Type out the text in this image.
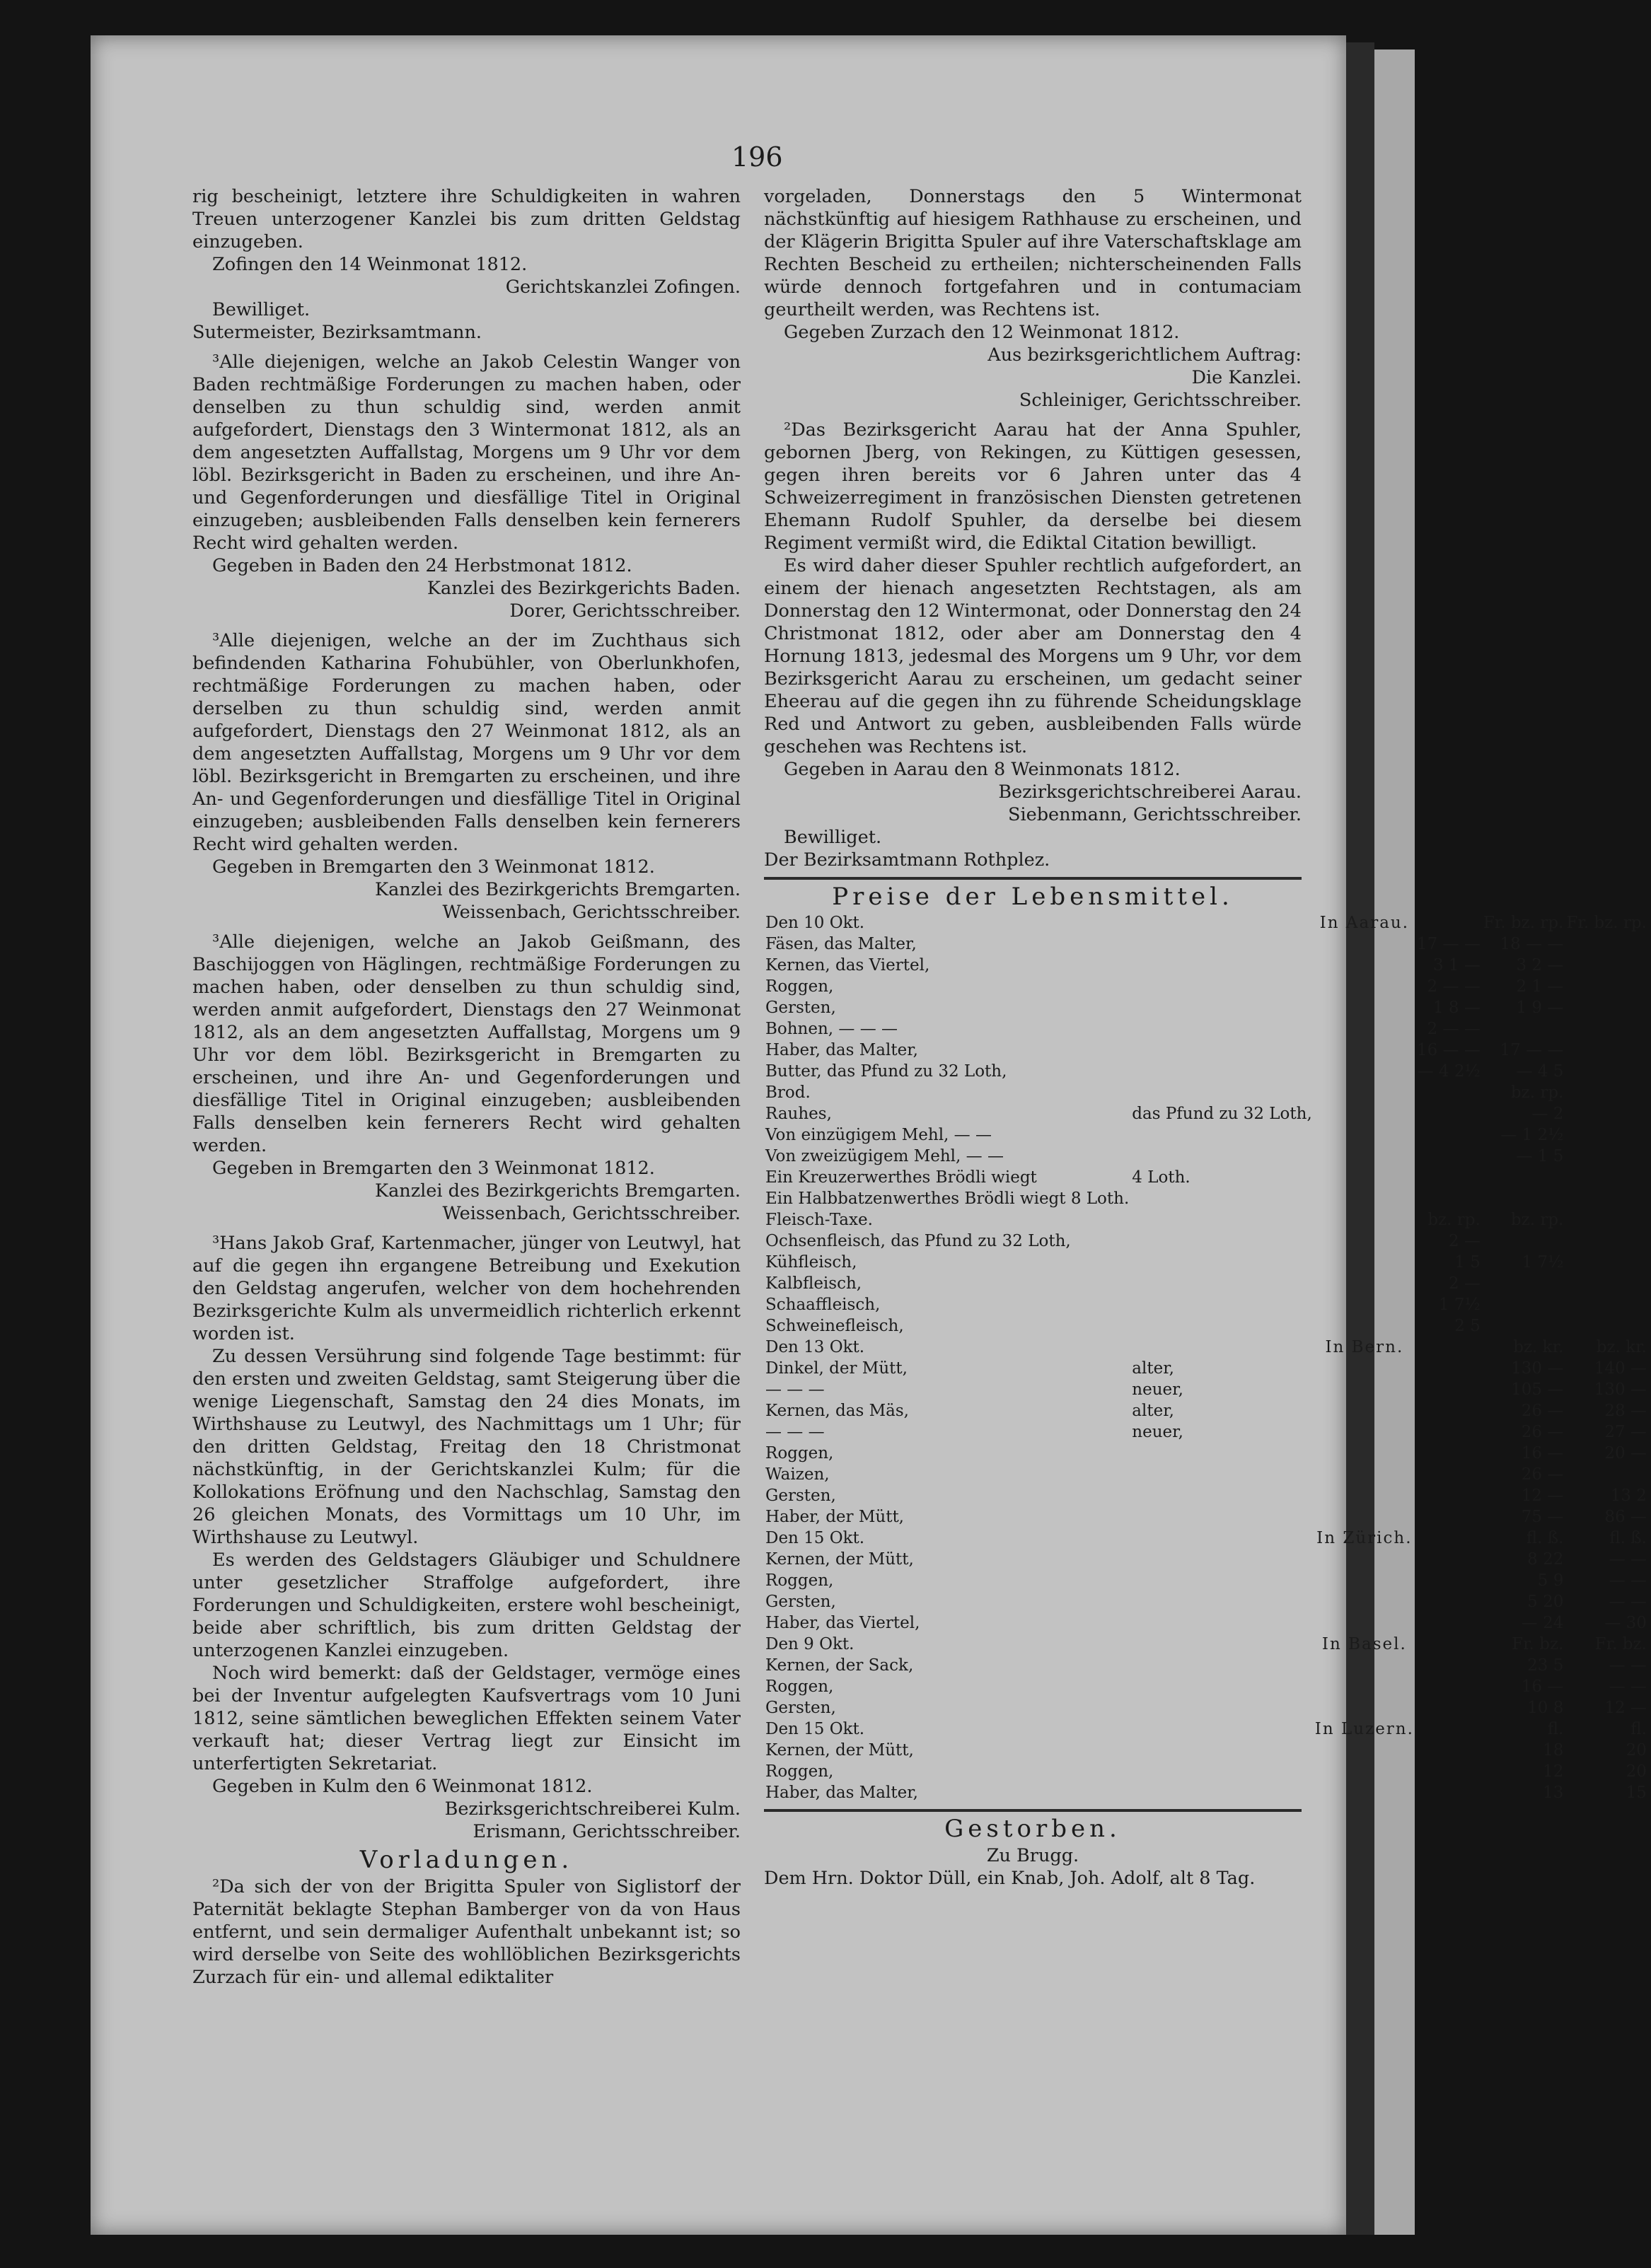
196

rig bescheinigt, letztere ihre Schuldigkeiten in wahren Treuen unterzogener Kanzlei bis zum dritten Geldstag einzugeben.

Zofingen den 14 Weinmonat 1812.

Gerichtskanzlei Zofingen.

Bewilliget.

Sutermeister, Bezirksamtmann.

³Alle diejenigen, welche an Jakob Celestin Wanger von Baden rechtmäßige Forderungen zu machen haben, oder denselben zu thun schuldig sind, werden anmit aufgefordert, Dienstags den 3 Wintermonat 1812, als an dem angesetzten Auffallstag, Morgens um 9 Uhr vor dem löbl. Bezirksgericht in Baden zu erscheinen, und ihre An- und Gegenforderungen und diesfällige Titel in Original einzugeben; ausbleibenden Falls denselben kein fernerers Recht wird gehalten werden.

Gegeben in Baden den 24 Herbstmonat 1812.

Kanzlei des Bezirkgerichts Baden.

Dorer, Gerichtsschreiber.

³Alle diejenigen, welche an der im Zuchthaus sich befindenden Katharina Fohubühler, von Oberlunkhofen, rechtmäßige Forderungen zu machen haben, oder derselben zu thun schuldig sind, werden anmit aufgefordert, Dienstags den 27 Weinmonat 1812, als an dem angesetzten Auffallstag, Morgens um 9 Uhr vor dem löbl. Bezirksgericht in Bremgarten zu erscheinen, und ihre An- und Gegenforderungen und diesfällige Titel in Original einzugeben; ausbleibenden Falls denselben kein fernerers Recht wird gehalten werden.

Gegeben in Bremgarten den 3 Weinmonat 1812.

Kanzlei des Bezirkgerichts Bremgarten.

Weissenbach, Gerichtsschreiber.

³Alle diejenigen, welche an Jakob Geißmann, des Baschijoggen von Häglingen, rechtmäßige Forderungen zu machen haben, oder denselben zu thun schuldig sind, werden anmit aufgefordert, Dienstags den 27 Weinmonat 1812, als an dem angesetzten Auffallstag, Morgens um 9 Uhr vor dem löbl. Bezirksgericht in Bremgarten zu erscheinen, und ihre An- und Gegenforderungen und diesfällige Titel in Original einzugeben; ausbleibenden Falls denselben kein fernerers Recht wird gehalten werden.

Gegeben in Bremgarten den 3 Weinmonat 1812.

Kanzlei des Bezirkgerichts Bremgarten.

Weissenbach, Gerichtsschreiber.

³Hans Jakob Graf, Kartenmacher, jünger von Leutwyl, hat auf die gegen ihn ergangene Betreibung und Exekution den Geldstag angerufen, welcher von dem hochehrenden Bezirksgerichte Kulm als unvermeidlich richterlich erkennt worden ist.

Zu dessen Versührung sind folgende Tage bestimmt: für den ersten und zweiten Geldstag, samt Steigerung über die wenige Liegenschaft, Samstag den 24 dies Monats, im Wirthshause zu Leutwyl, des Nachmittags um 1 Uhr; für den dritten Geldstag, Freitag den 18 Christmonat nächstkünftig, in der Gerichtskanzlei Kulm; für die Kollokations Eröfnung und den Nachschlag, Samstag den 26 gleichen Monats, des Vormittags um 10 Uhr, im Wirthshause zu Leutwyl.

Es werden des Geldstagers Gläubiger und Schuldnere unter gesetzlicher Straffolge aufgefordert, ihre Forderungen und Schuldigkeiten, erstere wohl bescheinigt, beide aber schriftlich, bis zum dritten Geldstag der unterzogenen Kanzlei einzugeben.

Noch wird bemerkt: daß der Geldstager, vermöge eines bei der Inventur aufgelegten Kaufsvertrags vom 10 Juni 1812, seine sämtlichen beweglichen Effekten seinem Vater verkauft hat; dieser Vertrag liegt zur Einsicht im unterfertigten Sekretariat.

Gegeben in Kulm den 6 Weinmonat 1812.

Bezirksgerichtschreiberei Kulm.

Erismann, Gerichtsschreiber.

Vorladungen.

²Da sich der von der Brigitta Spuler von Siglistorf der Paternität beklagte Stephan Bamberger von da von Haus entfernt, und sein dermaliger Aufenthalt unbekannt ist; so wird derselbe von Seite des wohllöblichen Bezirksgerichts Zurzach für ein- und allemal ediktaliter

vorgeladen, Donnerstags den 5 Wintermonat nächstkünftig auf hiesigem Rathhause zu erscheinen, und der Klägerin Brigitta Spuler auf ihre Vaterschaftsklage am Rechten Bescheid zu ertheilen; nichterscheinenden Falls würde dennoch fortgefahren und in contumaciam geurtheilt werden, was Rechtens ist.

Gegeben Zurzach den 12 Weinmonat 1812.

Aus bezirksgerichtlichem Auftrag:

Die Kanzlei.

Schleiniger, Gerichtsschreiber.

²Das Bezirksgericht Aarau hat der Anna Spuhler, gebornen Jberg, von Rekingen, zu Küttigen gesessen, gegen ihren bereits vor 6 Jahren unter das 4 Schweizerregiment in französischen Diensten getretenen Ehemann Rudolf Spuhler, da derselbe bei diesem Regiment vermißt wird, die Ediktal Citation bewilligt.

Es wird daher dieser Spuhler rechtlich aufgefordert, an einem der hienach angesetzten Rechtstagen, als am Donnerstag den 12 Wintermonat, oder Donnerstag den 24 Christmonat 1812, oder aber am Donnerstag den 4 Hornung 1813, jedesmal des Morgens um 9 Uhr, vor dem Bezirksgericht Aarau zu erscheinen, um gedacht seiner Eheerau auf die gegen ihn zu führende Scheidungsklage Red und Antwort zu geben, ausbleibenden Falls würde geschehen was Rechtens ist.

Gegeben in Aarau den 8 Weinmonats 1812.

Bezirksgerichtschreiberei Aarau.

Siebenmann, Gerichtsschreiber.

Bewilliget.

Der Bezirksamtmann Rothplez.

Preise der Lebensmittel.
Den 10 Okt.		In Aarau.		Fr. bz. rp.	Fr. bz. rp.	
Fäsen, das Malter,			17 — —	18 — —		
Kernen, das Viertel,			3 1 —	3 2 —		
Roggen,			2 — —	2 1 —		
Gersten,			1 8 —	1 9 —		
Bohnen, — — —			2 — —			
Haber, das Malter,			16 — —	17 — —		
Butter, das Pfund zu 32 Loth,			— 4 2½	— 4 5		
Brod.				bz. rp.		
Rauhes,	das Pfund zu 32 Loth,			— 2		
Von einzügigem Mehl, — —				— 1 2½		
Von zweizügigem Mehl, — —				— 1 5		
Ein Kreuzerwerthes Brödli wiegt	4 Loth.					
Ein Halbbatzenwerthes Brödli wiegt 8 Loth.						
Fleisch-Taxe.			bz. rp.	bz. rp.		
Ochsenfleisch, das Pfund zu 32 Loth,			2 —			
Kühfleisch,			1 5	1 7½		
Kalbfleisch,			2 —			
Schaaffleisch,			1 7½			
Schweinefleisch,			2 5			
Den 13 Okt.		In Bern.		bz. kr.	bz. kr.	
Dinkel, der Mütt,	alter,			130 —	140 —	
— — —	neuer,			105 —	130 —	
Kernen, das Mäs,	alter,			26 —	28 —	
— — —	neuer,			26 —	27 —	
Roggen,				16 —	20 —	
Waizen,				26 —		
Gersten,				12 —	13 2	
Haber, der Mütt,				75 —	86 —	
Den 15 Okt.		In Zürich.		fl. ß.	fl. ß.	
Kernen, der Mütt,				8 22	— —	
Roggen,				5 9	— —	
Gersten,				5 20	— —	
Haber, das Viertel,				— 24	— 30	
Den 9 Okt.		In Basel.		Fr. bz.	Fr. bz.	
Kernen, der Sack,				23 5	— —	
Roggen,				16 —	— —	
Gersten,				10 8	12 —	
Den 15 Okt.		In Luzern.		fl.	fl.	
Kernen, der Mütt,				18	20	
Roggen,				12	20	
Haber, das Malter,				13	15	
Gestorben.

Zu Brugg.

Dem Hrn. Doktor Düll, ein Knab, Joh. Adolf, alt 8 Tag.
